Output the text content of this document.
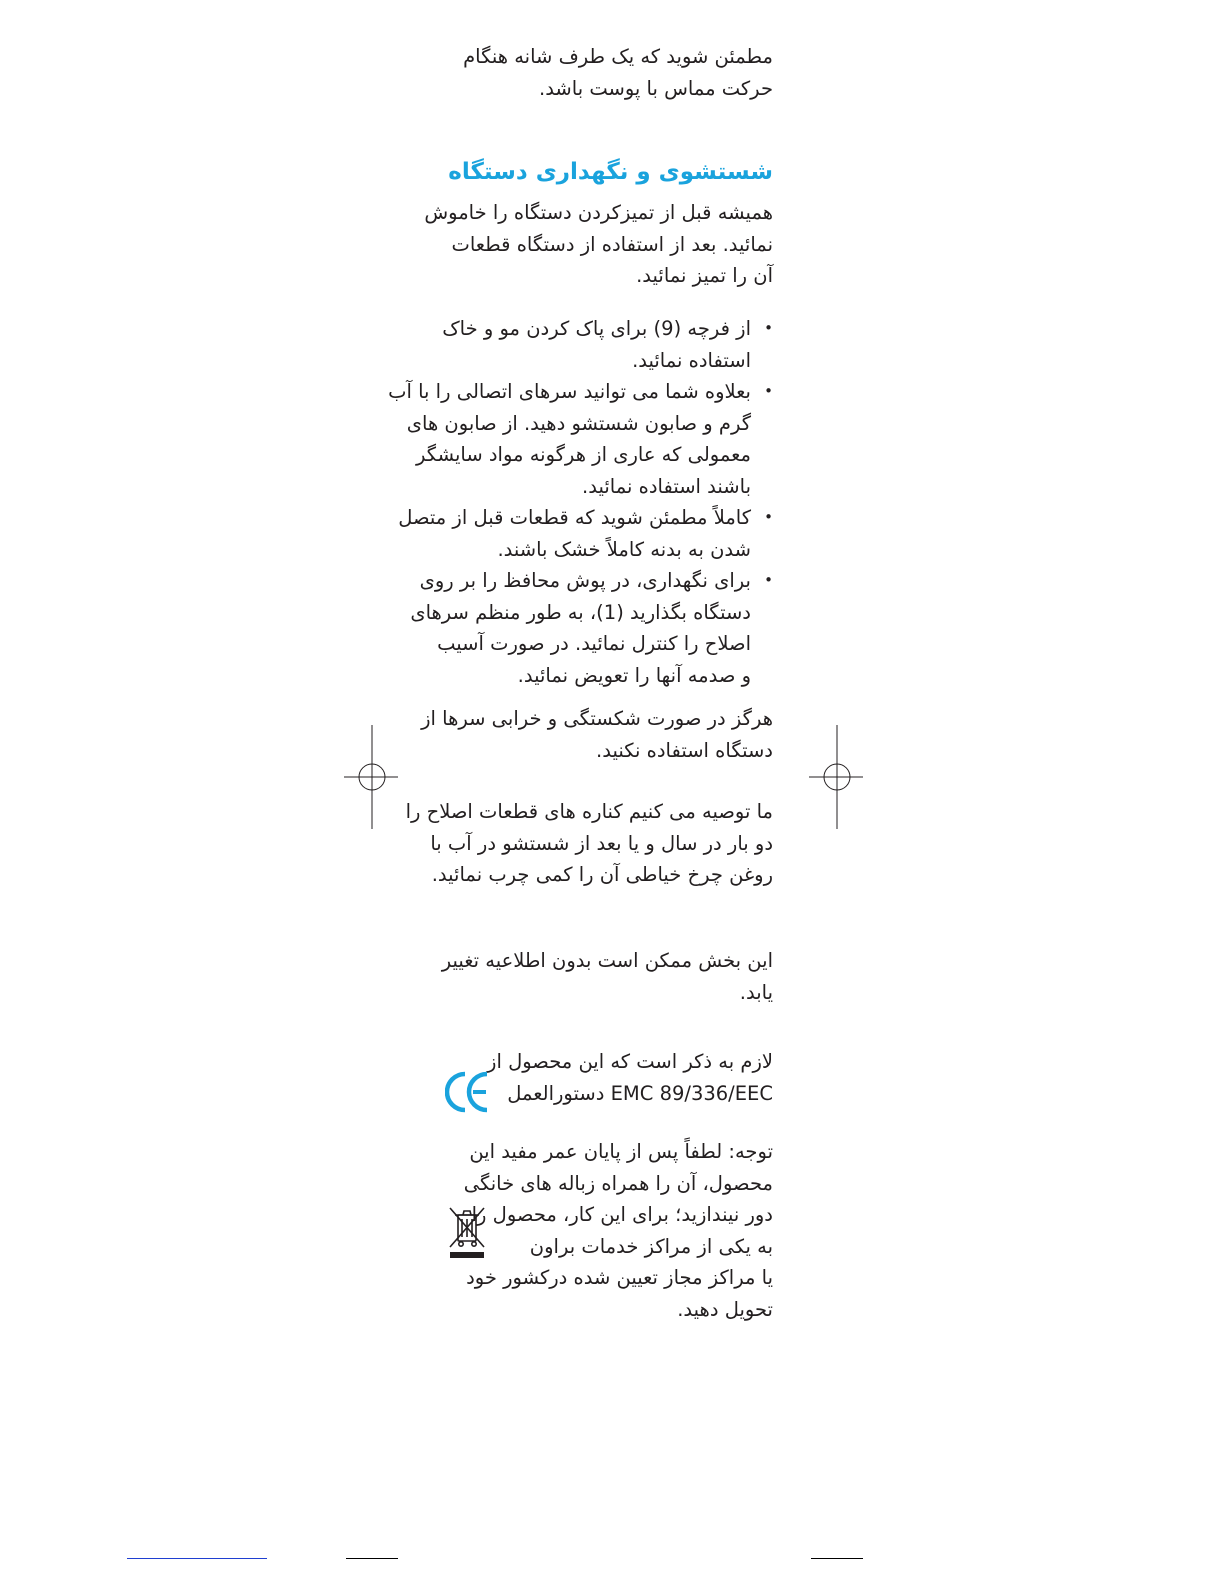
مطمئن شوید که یک طرف شانه هنگام

حرکت مماس با پوست باشد.

شستشوی و نگهداری دستگاه

همیشه قبل از تمیزکردن دستگاه را خاموش

نمائید. بعد از استفاده از دستگاه قطعات

آن را تمیز نمائید.

•

از فرچه (9) برای پاک کردن مو و خاک

استفاده نمائید.

•

بعلاوه شما می توانید سرهای اتصالی را با آب

گرم و صابون شستشو دهید. از صابون های

معمولی که عاری از هرگونه مواد سایشگر

باشند استفاده نمائید.

•

کاملاً مطمئن شوید که قطعات قبل از متصل

شدن به بدنه کاملاً خشک باشند.

•

برای نگهداری، در پوش محافظ را بر روی

دستگاه بگذارید (1)، به طور منظم سرهای

اصلاح را کنترل نمائید. در صورت آسیب

و صدمه آنها را تعویض نمائید.

هرگز در صورت شکستگی و خرابی سرها از

دستگاه استفاده نکنید.

ما توصیه می کنیم کناره های قطعات اصلاح را

دو بار در سال و یا بعد از شستشو در آب با

روغن چرخ خیاطی آن را کمی چرب نمائید.

این بخش ممکن است بدون اطلاعیه تغییر

یابد.

لازم به ذکر است که این محصول از

EMC 89/336/EEC دستورالعمل

توجه: لطفاً پس از پایان عمر مفید این

محصول، آن را همراه زباله های خانگی

دور نیندازید؛ برای این کار، محصول را

به یکی از مراکز خدمات براون

یا مراکز مجاز تعیین شده درکشور خود

تحویل دهید.
